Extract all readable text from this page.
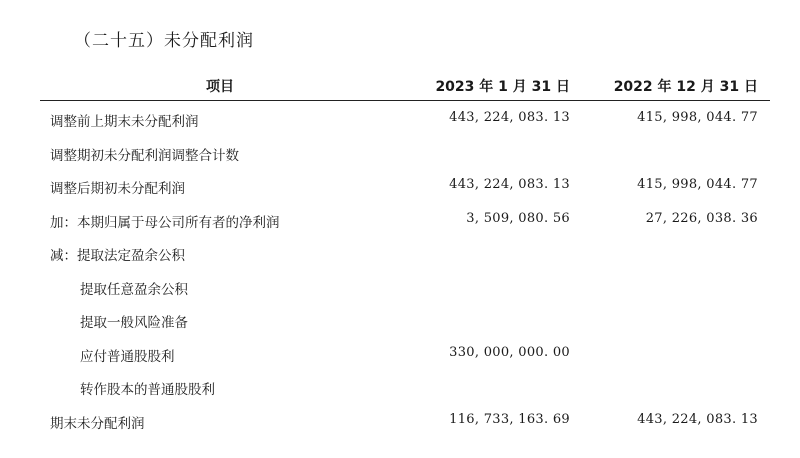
（二十五）未分配利润
项目	2023 年 1 月 31 日	2022 年 12 月 31 日
调整前上期末未分配利润	443, 224, 083. 13	415, 998, 044. 77
调整期初未分配利润调整合计数
调整后期初未分配利润	443, 224, 083. 13	415, 998, 044. 77
加：本期归属于母公司所有者的净利润	3, 509, 080. 56	27, 226, 038. 36
减：提取法定盈余公积
提取任意盈余公积
提取一般风险准备
应付普通股股利	330, 000, 000. 00
转作股本的普通股股利
期末未分配利润	116, 733, 163. 69	443, 224, 083. 13
